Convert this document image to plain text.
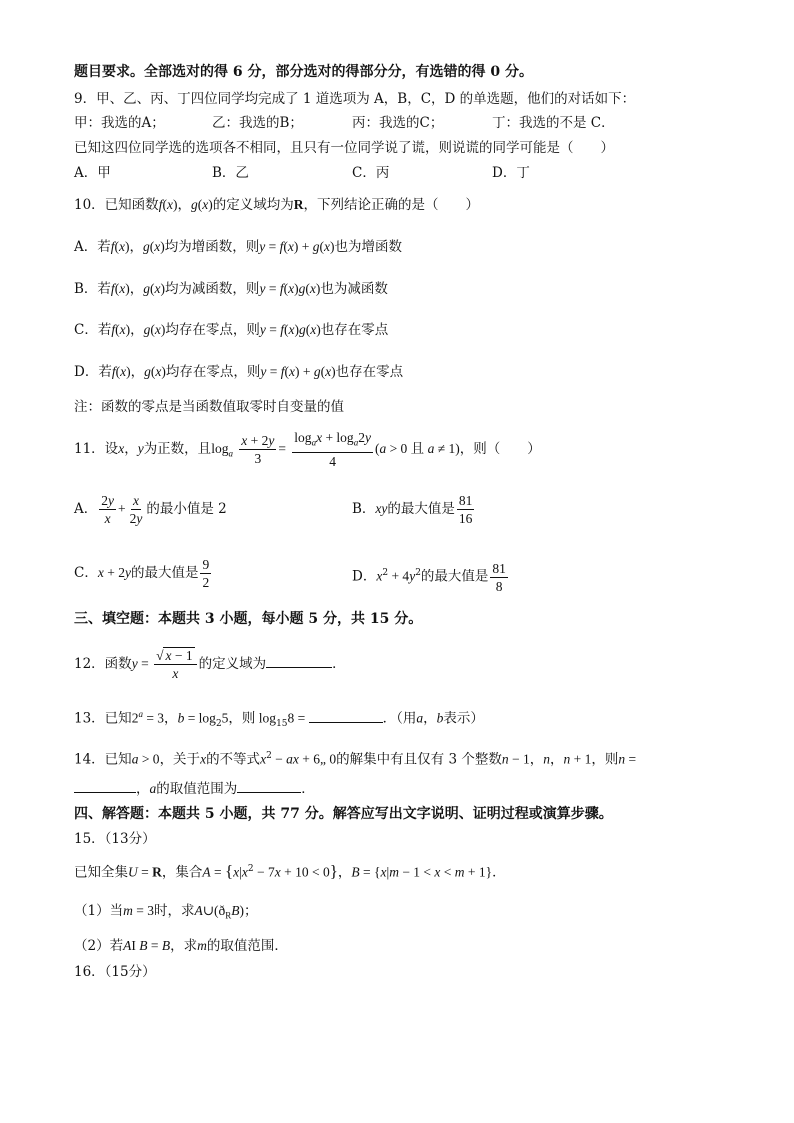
题目要求。全部选对的得 6 分，部分选对的得部分分，有选错的得 0 分。
9．甲、乙、丙、丁四位同学均完成了 1 道选项为 A，B，C，D 的单选题，他们的对话如下：
甲：我选的A；	乙：我选的B；	丙：我选的C；	丁：我选的不是 C．
已知这四位同学选的选项各不相同，且只有一位同学说了谎，则说谎的同学可能是（　　）
A．甲	B．乙	C．丙	D．丁
10．已知函数f(x)，g(x)的定义域均为R，下列结论正确的是（　　）
A．若f(x)，g(x)均为增函数，则y = f(x) + g(x)也为增函数
B．若f(x)，g(x)均为减函数，则y = f(x)g(x)也为减函数
C．若f(x)，g(x)均存在零点，则y = f(x)g(x)也存在零点
D．若f(x)，g(x)均存在零点，则y = f(x) + g(x)也存在零点
注：函数的零点是当函数值取零时自变量的值
11．设x，y为正数，且$\log_a \frac{x + 2y}{3} = \frac{\log_ax + \log_a2y}{4} (a > 0$ 且 a ≠ 1)，则（　　）
A． $\frac{2y}{x} + \frac{x}{2y}$ 的最小值是 2	B．xy的最大值是 $\frac{81}{16}$
C．x + 2y的最大值是 $\frac{9}{2}$	D．$x^2 + 4y^2$的最大值是 $\frac{81}{8}$
三、填空题：本题共 3 小题，每小题 5 分，共 15 分。
12．函数$y = \frac{√ x - 1}{x}$ 的定义域为	．
13．已知$2^a = 3$，$b = \log_25$，则 $\log_{15}8$ =	．（用a，b表示）
14．已知a > 0，关于x的不等式$x^2$ − ax + 6„ 0的解集中有且仅有 3 个整数n − 1，n，n + 1，则n =
，a的取值范围为	．
四、解答题：本题共 5 小题，共 77 分。解答应写出文字说明、证明过程或演算步骤。
15．（13分）
已知全集U = R，集合$A = \{x|x^2 - 7x + 10 < 0\}$，B = {x|m − 1 < x < m + 1}．
（1）当m = 3时，求$A\cup(ð_RB)$；
（2）若AI B = B，求m的取值范围．
16．（15分）
